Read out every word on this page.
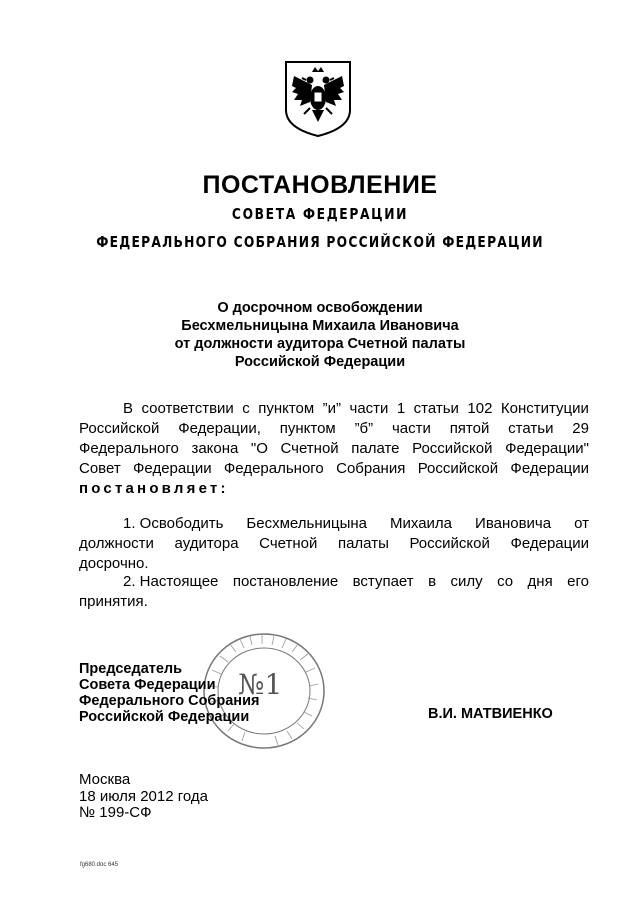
ПОСТАНОВЛЕНИЕ
СОВЕТА ФЕДЕРАЦИИ
ФЕДЕРАЛЬНОГО СОБРАНИЯ РОССИЙСКОЙ ФЕДЕРАЦИИ
О досрочном освобождении
Бесхмельницына Михаила Ивановича
от должности аудитора Счетной палаты
Российской Федерации
В соответствии с пунктом ”и” части 1 статьи 102 Конституции
Российской Федерации, пунктом ”б” части пятой статьи 29
Федерального закона "О Счетной палате Российской Федерации"
Совет Федерации Федерального Собрания Российской Федерации
постановляет:
1. Освободить Бесхмельницына Михаила Ивановича от
должности аудитора Счетной палаты Российской Федерации
досрочно.
2. Настоящее постановление вступает в силу со дня его
принятия.
№1
Председатель
Совета Федерации
Федерального Собрания
Российской Федерации	В.И. МАТВИЕНКО
Москва
18 июля 2012 года
№ 199-СФ
fg680.doc 645
